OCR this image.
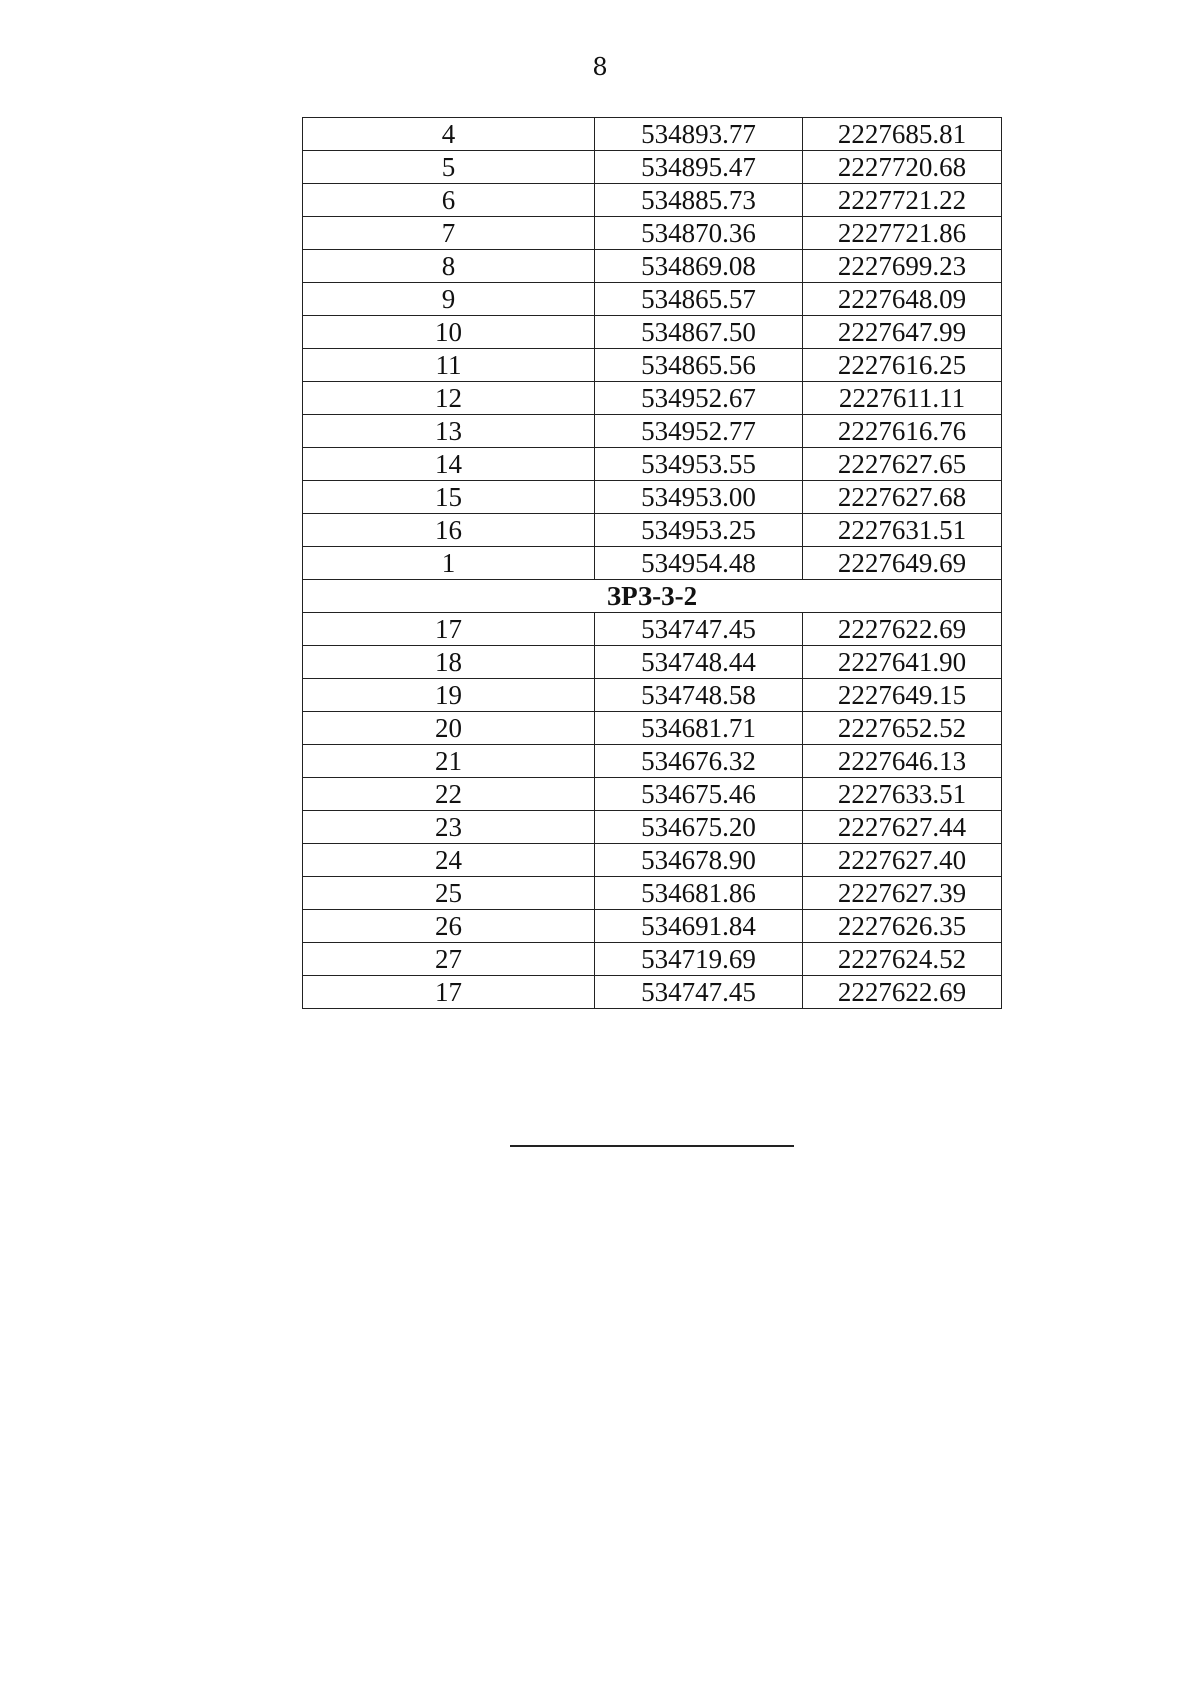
8
4	534893.77	2227685.81
5	534895.47	2227720.68
6	534885.73	2227721.22
7	534870.36	2227721.86
8	534869.08	2227699.23
9	534865.57	2227648.09
10	534867.50	2227647.99
11	534865.56	2227616.25
12	534952.67	2227611.11
13	534952.77	2227616.76
14	534953.55	2227627.65
15	534953.00	2227627.68
16	534953.25	2227631.51
1	534954.48	2227649.69
ЗРЗ-3-2		
17	534747.45	2227622.69
18	534748.44	2227641.90
19	534748.58	2227649.15
20	534681.71	2227652.52
21	534676.32	2227646.13
22	534675.46	2227633.51
23	534675.20	2227627.44
24	534678.90	2227627.40
25	534681.86	2227627.39
26	534691.84	2227626.35
27	534719.69	2227624.52
17	534747.45	2227622.69
